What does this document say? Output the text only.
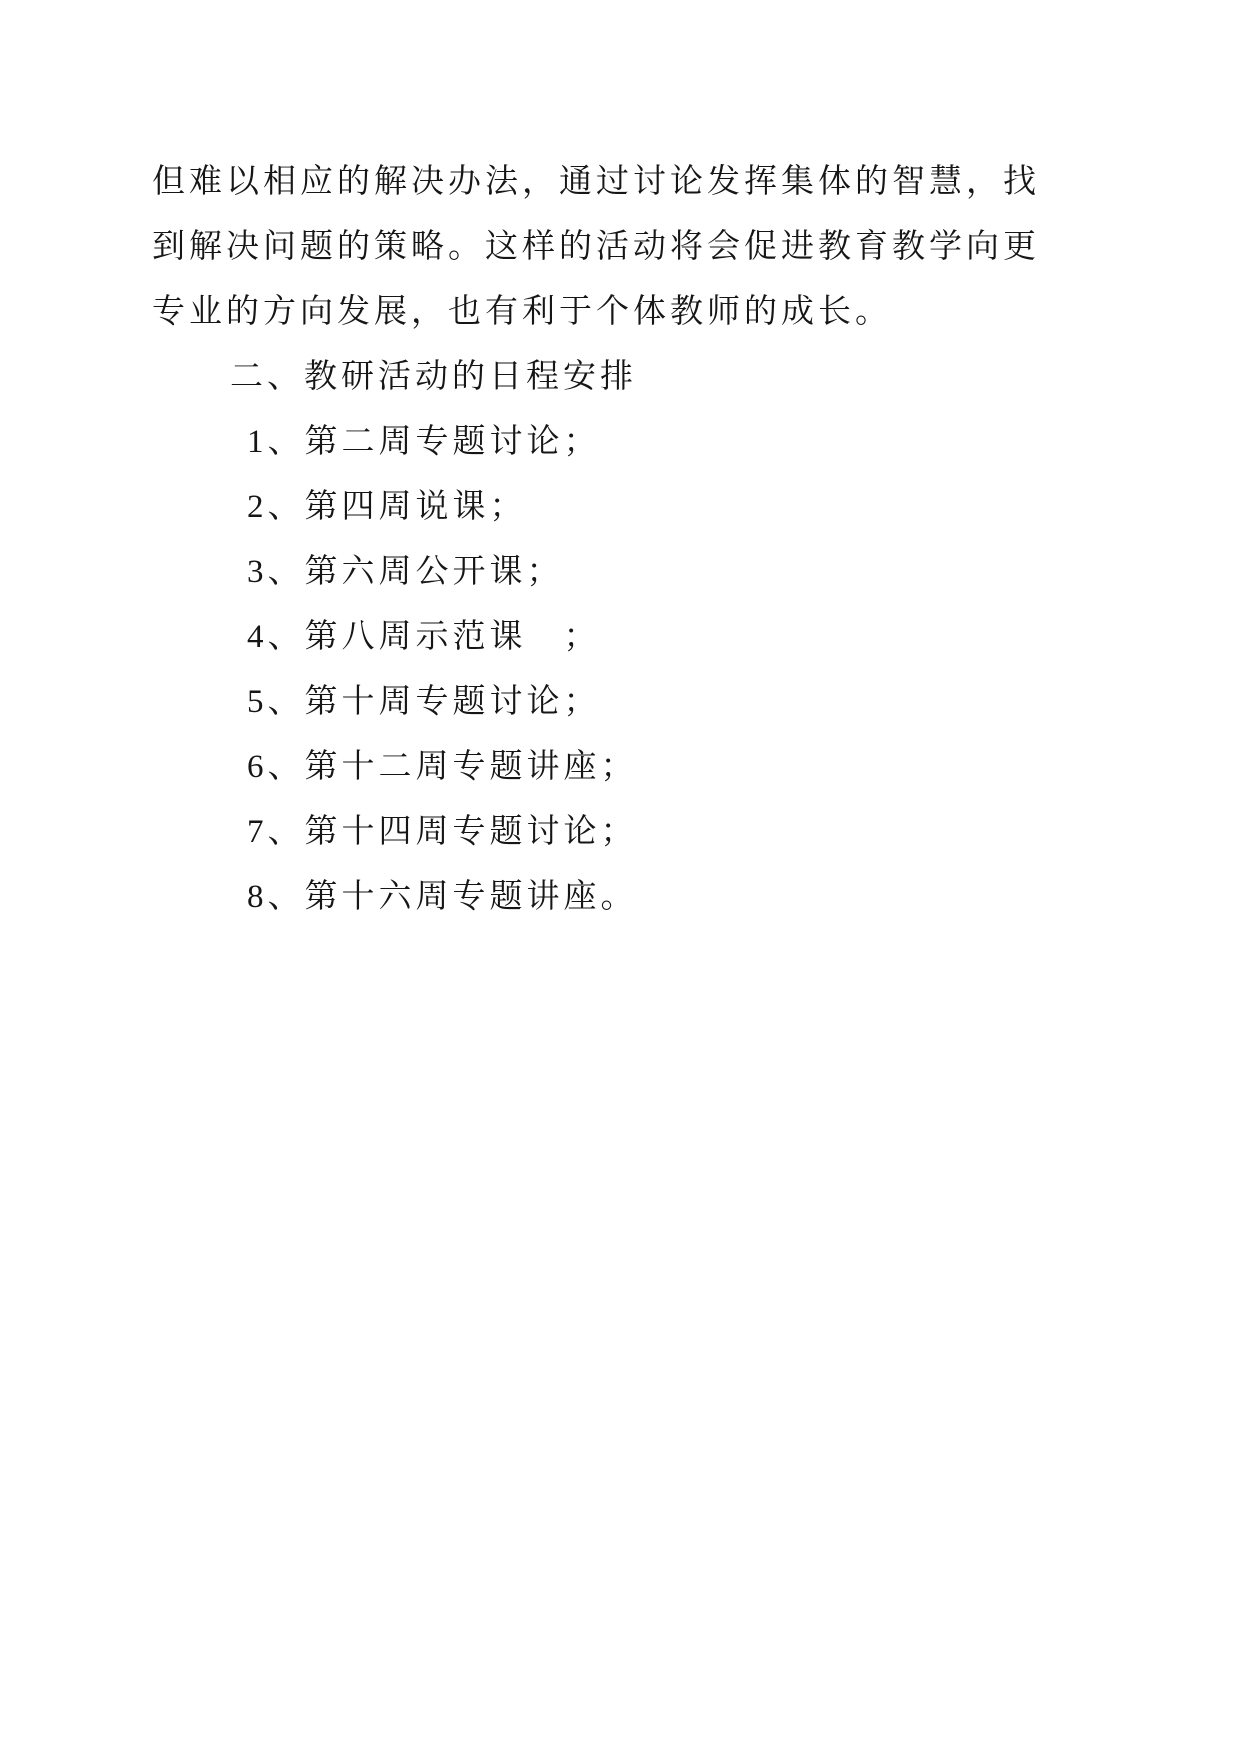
但难以相应的解决办法，通过讨论发挥集体的智慧，找
到解决问题的策略。这样的活动将会促进教育教学向更
专业的方向发展，也有利于个体教师的成长。
二、教研活动的日程安排
1、第二周专题讨论；
2、第四周说课；
3、第六周公开课；
4、第八周示范课　；
5、第十周专题讨论；
6、第十二周专题讲座；
7、第十四周专题讨论；
8、第十六周专题讲座。
